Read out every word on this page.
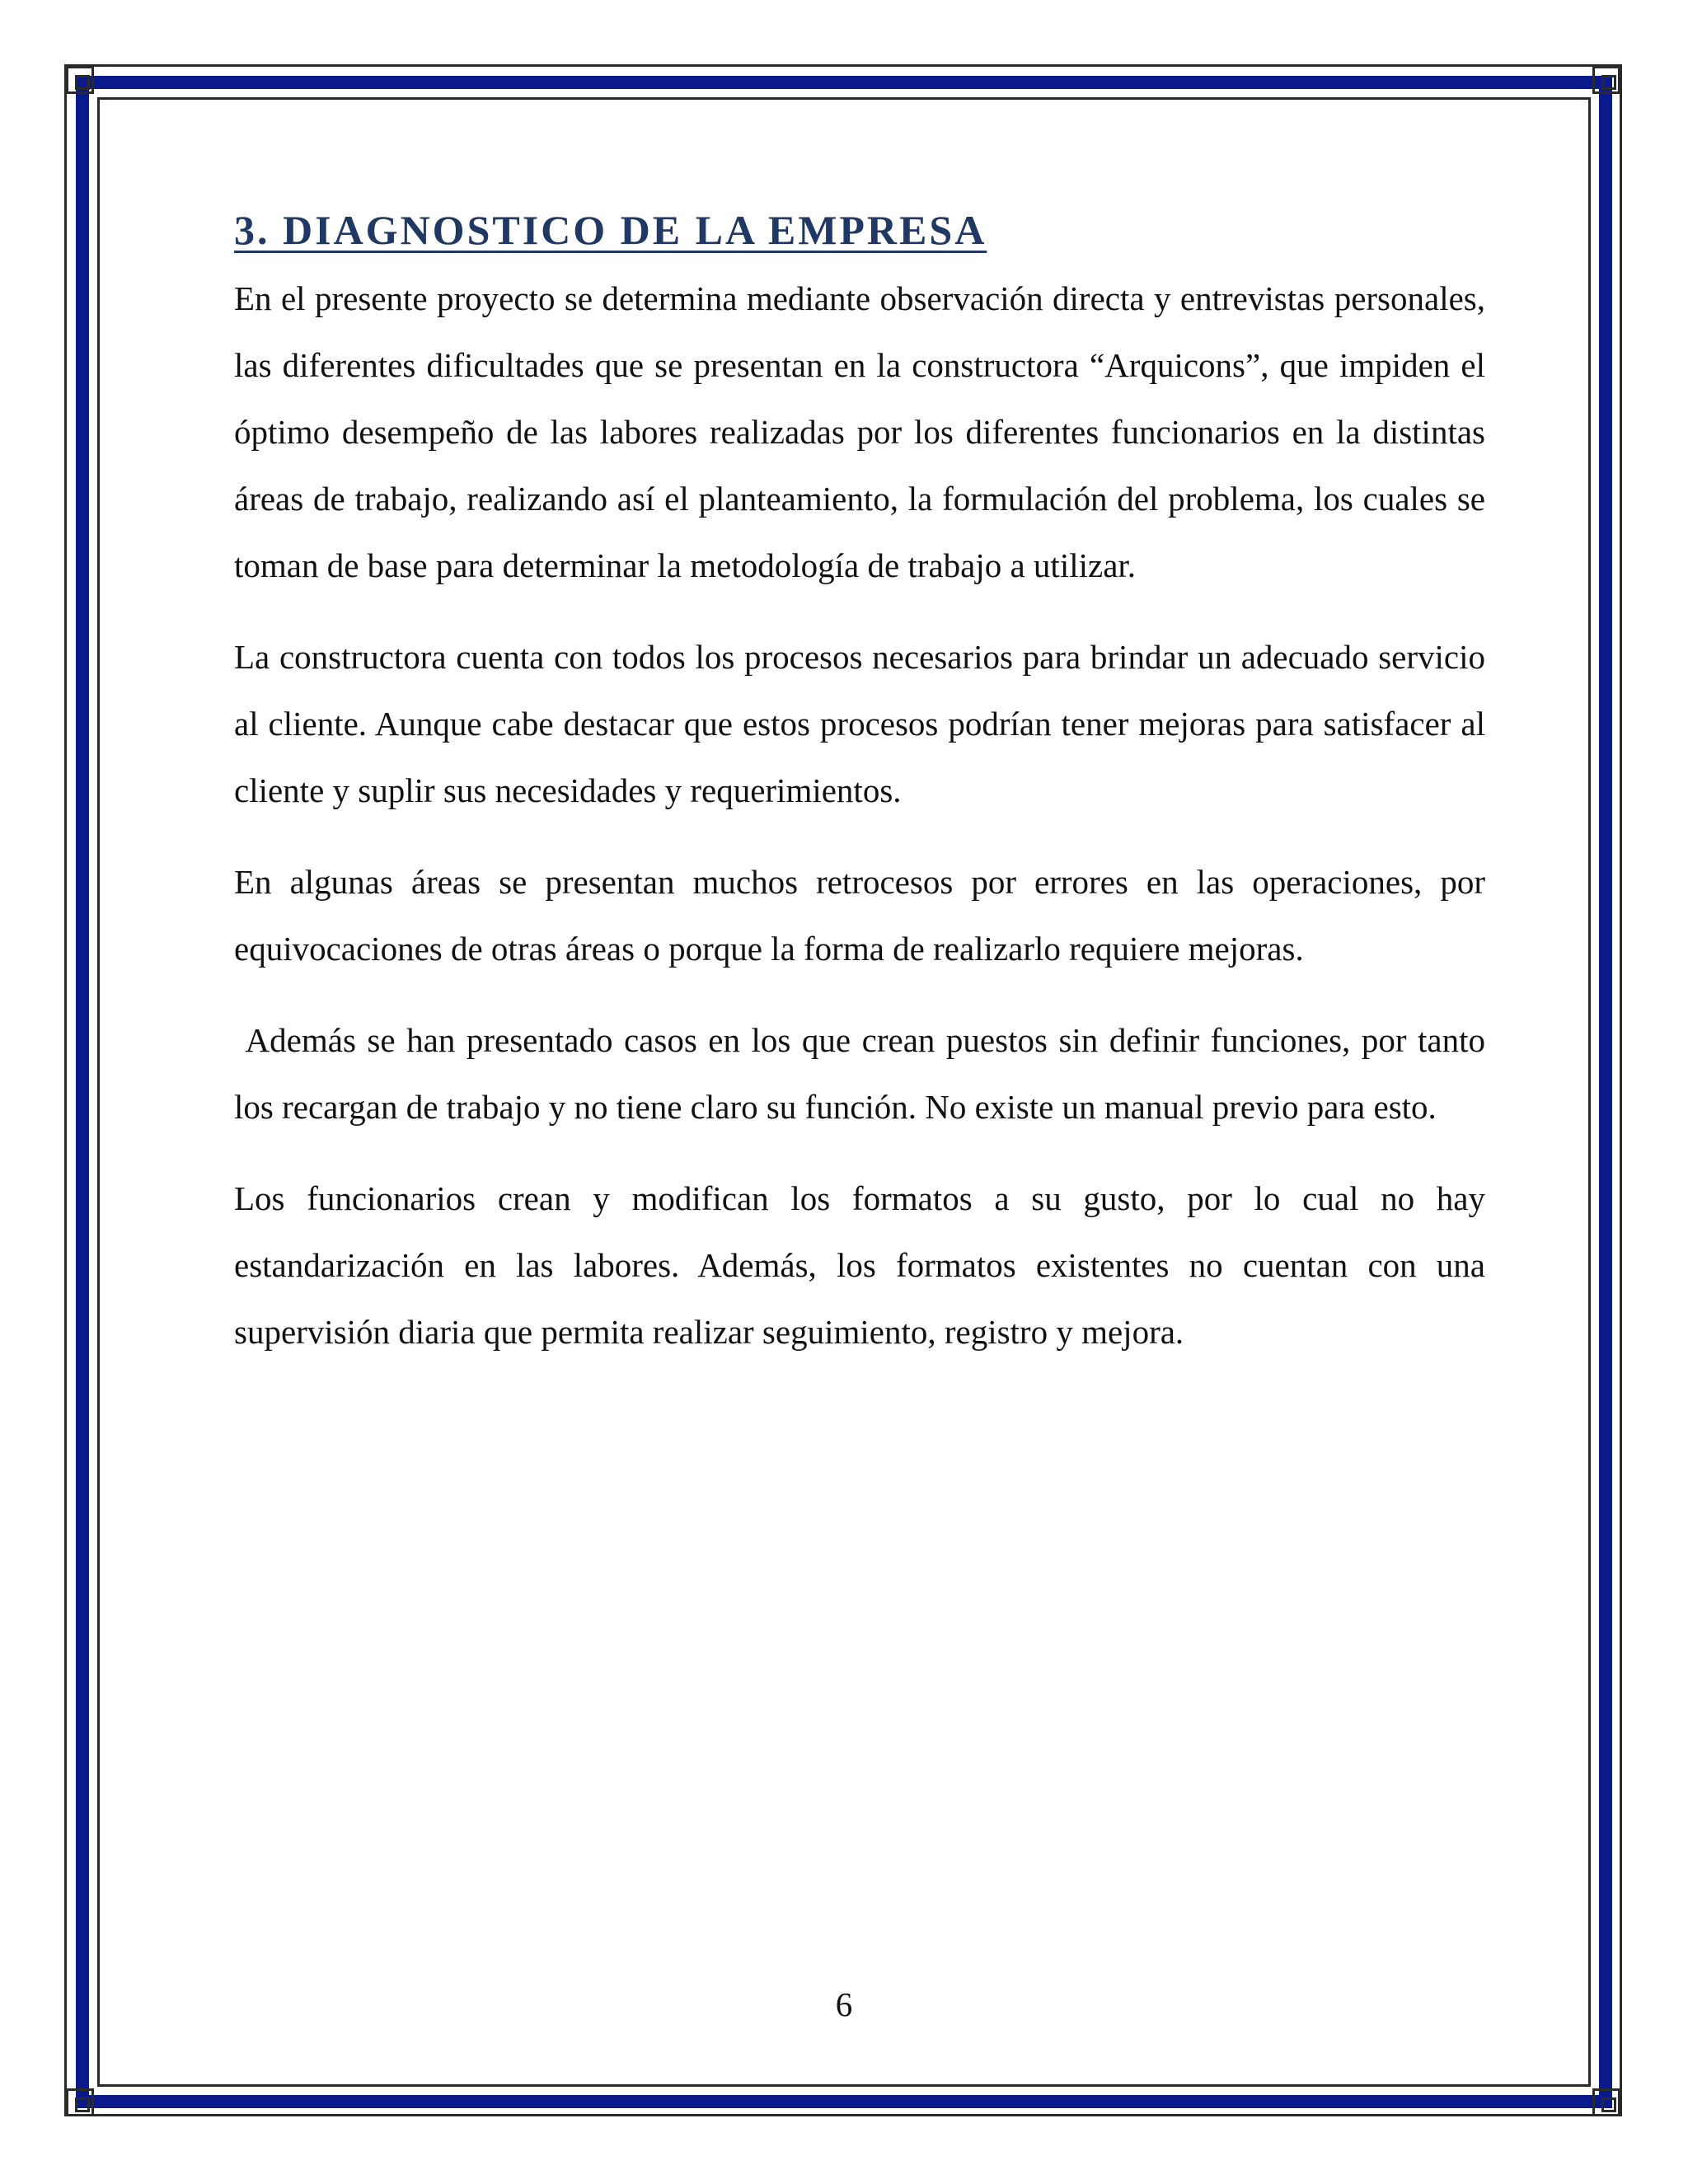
3. DIAGNOSTICO DE LA EMPRESA

En el presente proyecto se determina mediante observación directa y entrevistas personales, las diferentes dificultades que se presentan en la constructora “Arquicons”, que impiden el óptimo desempeño de las labores realizadas por los diferentes funcionarios en la distintas áreas de trabajo, realizando así el planteamiento, la formulación del problema, los cuales se toman de base para determinar la metodología de trabajo a utilizar.

La constructora cuenta con todos los procesos necesarios para brindar un adecuado servicio al cliente. Aunque cabe destacar que estos procesos podrían tener mejoras para satisfacer al cliente y suplir sus necesidades y requerimientos.

En algunas áreas se presentan muchos retrocesos por errores en las operaciones, por equivocaciones de otras áreas o porque la forma de realizarlo requiere mejoras.

Además se han presentado casos en los que crean puestos sin definir funciones, por tanto los recargan de trabajo y no tiene claro su función. No existe un manual previo para esto.

Los funcionarios crean y modifican los formatos a su gusto, por lo cual no hay estandarización en las labores. Además, los formatos existentes no cuentan con una supervisión diaria que permita realizar seguimiento, registro y mejora.

6
